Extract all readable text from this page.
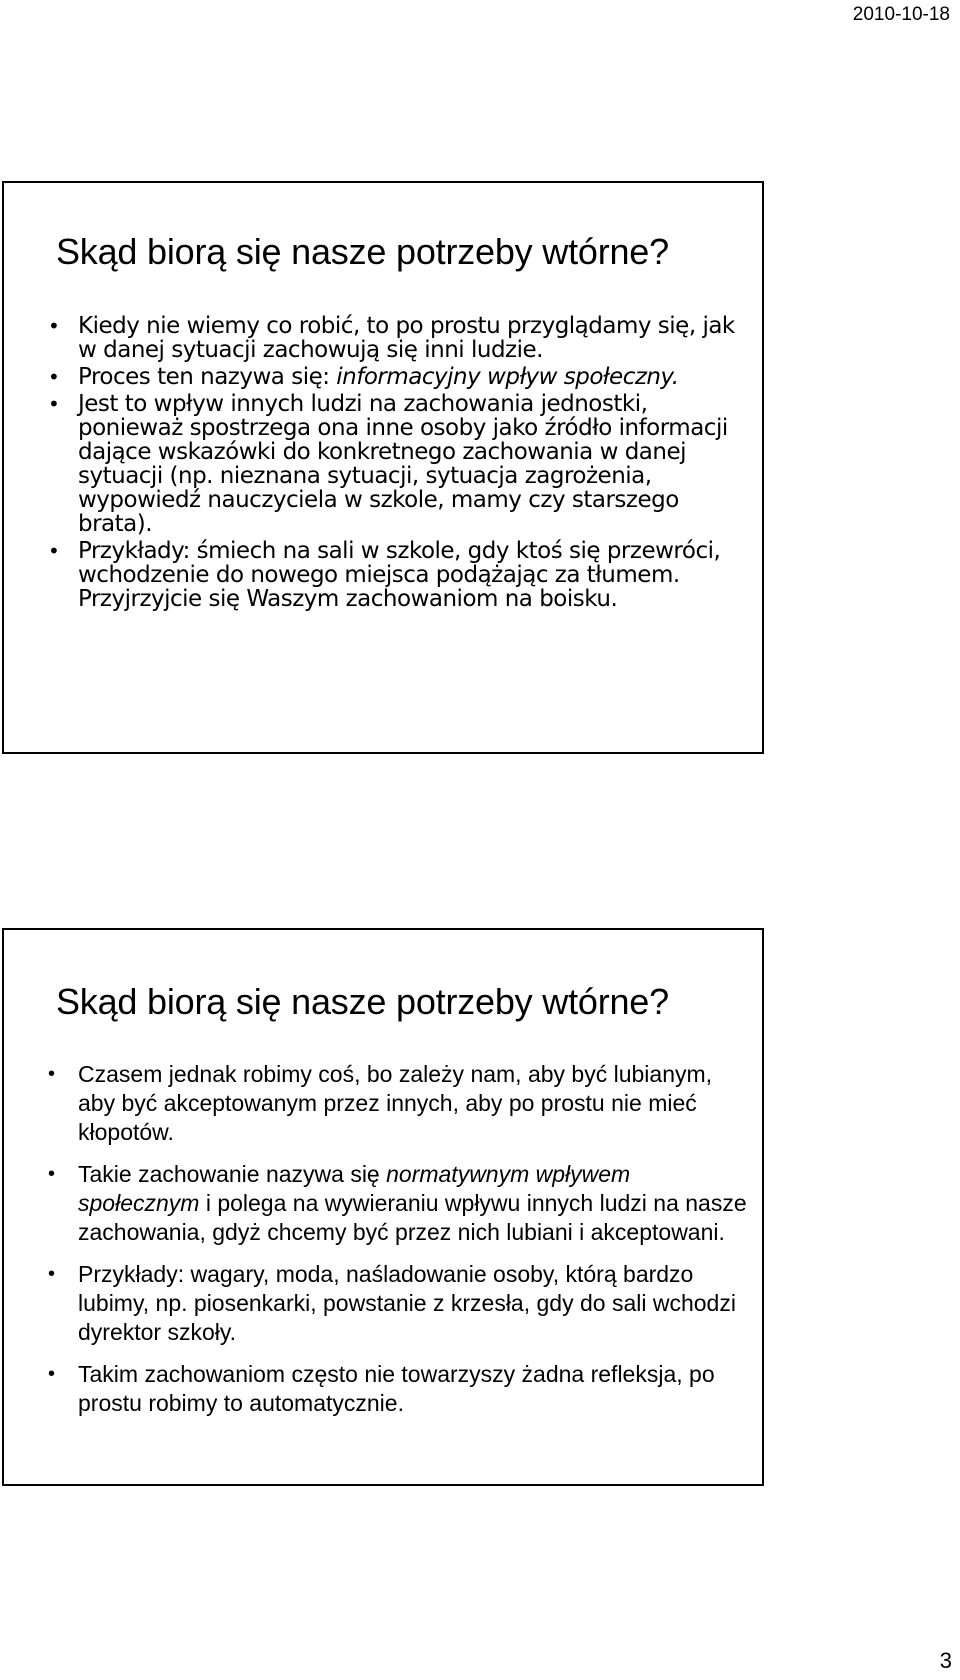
2010-10-18
Skąd biorą się nasze potrzeby wtórne?
• Kiedy nie wiemy co robić, to po prostu przyglądamy się, jak w danej sytuacji zachowują się inni ludzie.
• Proces ten nazywa się: informacyjny wpływ społeczny.
• Jest to wpływ innych ludzi na zachowania jednostki, ponieważ spostrzega ona inne osoby jako źródło informacji dające wskazówki do konkretnego zachowania w danej sytuacji (np. nieznana sytuacji, sytuacja zagrożenia, wypowiedź nauczyciela w szkole, mamy czy starszego brata).
• Przykłady: śmiech na sali w szkole, gdy ktoś się przewróci, wchodzenie do nowego miejsca podążając za tłumem. Przyjrzyjcie się Waszym zachowaniom na boisku.
Skąd biorą się nasze potrzeby wtórne?
• Czasem jednak robimy coś, bo zależy nam, aby być lubianym, aby być akceptowanym przez innych, aby po prostu nie mieć kłopotów.
• Takie zachowanie nazywa się normatywnym wpływem społecznym i polega na wywieraniu wpływu innych ludzi na nasze zachowania, gdyż chcemy być przez nich lubiani i akceptowani.
• Przykłady: wagary, moda, naśladowanie osoby, którą bardzo lubimy, np. piosenkarki, powstanie z krzesła, gdy do sali wchodzi dyrektor szkoły.
• Takim zachowaniom często nie towarzyszy żadna refleksja, po prostu robimy to automatycznie.
3
